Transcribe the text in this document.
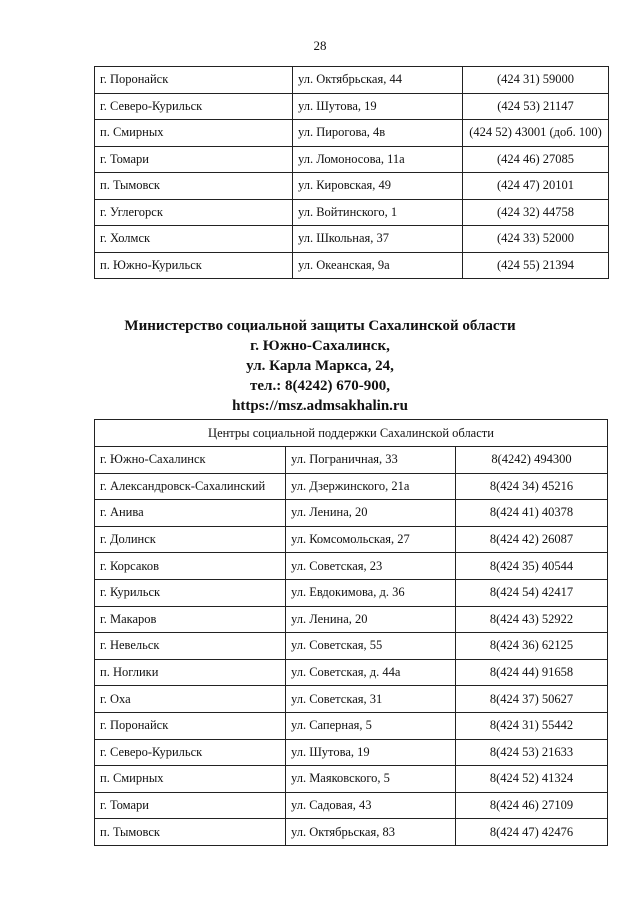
28
г. Поронайск	ул. Октябрьская, 44	(424 31) 59000
г. Северо-Курильск	ул. Шутова, 19	(424 53) 21147
п. Смирных	ул. Пирогова, 4в	(424 52) 43001 (доб. 100)
г. Томари	ул. Ломоносова, 11а	(424 46) 27085
п. Тымовск	ул. Кировская, 49	(424 47) 20101
г. Углегорск	ул. Войтинского, 1	(424 32) 44758
г. Холмск	ул. Школьная, 37	(424 33) 52000
п. Южно-Курильск	ул. Океанская, 9а	(424 55) 21394
Министерство социальной защиты Сахалинской области
г. Южно-Сахалинск,
ул. Карла Маркса, 24,
тел.: 8(4242) 670-900,
https://msz.admsakhalin.ru
Центры социальной поддержки Сахалинской области		
г. Южно-Сахалинск	ул. Пограничная, 33	8(4242) 494300
г. Александровск-Сахалинский	ул. Дзержинского, 21а	8(424 34) 45216
г. Анива	ул. Ленина, 20	8(424 41) 40378
г. Долинск	ул. Комсомольская, 27	8(424 42) 26087
г. Корсаков	ул. Советская, 23	8(424 35) 40544
г. Курильск	ул. Евдокимова, д. 36	8(424 54) 42417
г. Макаров	ул. Ленина, 20	8(424 43) 52922
г. Невельск	ул. Советская, 55	8(424 36) 62125
п. Ноглики	ул. Советская, д. 44а	8(424 44) 91658
г. Оха	ул. Советская, 31	8(424 37) 50627
г. Поронайск	ул. Саперная, 5	8(424 31) 55442
г. Северо-Курильск	ул. Шутова, 19	8(424 53) 21633
п. Смирных	ул. Маяковского, 5	8(424 52) 41324
г. Томари	ул. Садовая, 43	8(424 46) 27109
п. Тымовск	ул. Октябрьская, 83	8(424 47) 42476
